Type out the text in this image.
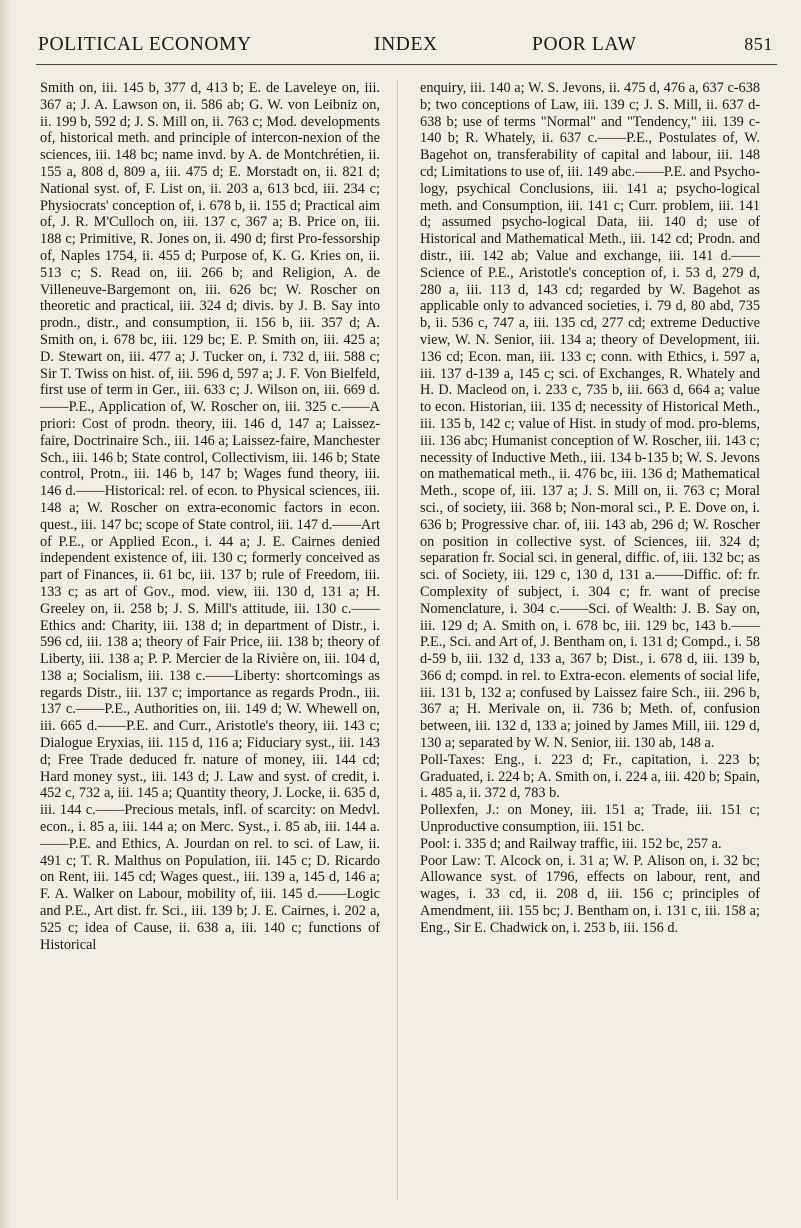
POLITICAL ECONOMY	INDEX	POOR LAW	851

Smith on, iii. 145 b, 377 d, 413 b; E. de Laveleye on, iii. 367 a; J. A. Lawson on, ii. 586 ab; G. W. von Leibniz on, ii. 199 b, 592 d; J. S. Mill on, ii. 763 c; Mod. developments of, historical meth. and principle of intercon-nexion of the sciences, iii. 148 bc; name invd. by A. de Montchrétien, ii. 155 a, 808 d, 809 a, iii. 475 d; E. Morstadt on, ii. 821 d; National syst. of, F. List on, ii. 203 a, 613 bcd, iii. 234 c; Physiocrats' conception of, i. 678 b, ii. 155 d; Practical aim of, J. R. M'Culloch on, iii. 137 c, 367 a; B. Price on, iii. 188 c; Primitive, R. Jones on, ii. 490 d; first Pro-fessorship of, Naples 1754, ii. 455 d; Purpose of, K. G. Kries on, ii. 513 c; S. Read on, iii. 266 b; and Religion, A. de Villeneuve-Bargemont on, iii. 626 bc; W. Roscher on theoretic and practical, iii. 324 d; divis. by J. B. Say into prodn., distr., and consumption, ii. 156 b, iii. 357 d; A. Smith on, i. 678 bc, iii. 129 bc; E. P. Smith on, iii. 425 a; D. Stewart on, iii. 477 a; J. Tucker on, i. 732 d, iii. 588 c; Sir T. Twiss on hist. of, iii. 596 d, 597 a; J. F. Von Bielfeld, first use of term in Ger., iii. 633 c; J. Wilson on, iii. 669 d.——P.E., Application of, W. Roscher on, iii. 325 c.——A priori: Cost of prodn. theory, iii. 146 d, 147 a; Laissez-faire, Doctrinaire Sch., iii. 146 a; Laissez-faire, Manchester Sch., iii. 146 b; State control, Collectivism, iii. 146 b; State control, Protn., iii. 146 b, 147 b; Wages fund theory, iii. 146 d.——Historical: rel. of econ. to Physical sciences, iii. 148 a; W. Roscher on extra-economic factors in econ. quest., iii. 147 bc; scope of State control, iii. 147 d.——Art of P.E., or Applied Econ., i. 44 a; J. E. Cairnes denied independent existence of, iii. 130 c; formerly conceived as part of Finances, ii. 61 bc, iii. 137 b; rule of Freedom, iii. 133 c; as art of Gov., mod. view, iii. 130 d, 131 a; H. Greeley on, ii. 258 b; J. S. Mill's attitude, iii. 130 c.——Ethics and: Charity, iii. 138 d; in department of Distr., i. 596 cd, iii. 138 a; theory of Fair Price, iii. 138 b; theory of Liberty, iii. 138 a; P. P. Mercier de la Rivière on, iii. 104 d, 138 a; Socialism, iii. 138 c.——Liberty: shortcomings as regards Distr., iii. 137 c; importance as regards Prodn., iii. 137 c.——P.E., Authorities on, iii. 149 d; W. Whewell on, iii. 665 d.——P.E. and Curr., Aristotle's theory, iii. 143 c; Dialogue Eryxias, iii. 115 d, 116 a; Fiduciary syst., iii. 143 d; Free Trade deduced fr. nature of money, iii. 144 cd; Hard money syst., iii. 143 d; J. Law and syst. of credit, i. 452 c, 732 a, iii. 145 a; Quantity theory, J. Locke, ii. 635 d, iii. 144 c.——Precious metals, infl. of scarcity: on Medvl. econ., i. 85 a, iii. 144 a; on Merc. Syst., i. 85 ab, iii. 144 a.——P.E. and Ethics, A. Jourdan on rel. to sci. of Law, ii. 491 c; T. R. Malthus on Population, iii. 145 c; D. Ricardo on Rent, iii. 145 cd; Wages quest., iii. 139 a, 145 d, 146 a; F. A. Walker on Labour, mobility of, iii. 145 d.——Logic and P.E., Art dist. fr. Sci., iii. 139 b; J. E. Cairnes, i. 202 a, 525 c; idea of Cause, ii. 638 a, iii. 140 c; functions of Historical

enquiry, iii. 140 a; W. S. Jevons, ii. 475 d, 476 a, 637 c-638 b; two conceptions of Law, iii. 139 c; J. S. Mill, ii. 637 d-638 b; use of terms "Normal" and "Tendency," iii. 139 c-140 b; R. Whately, ii. 637 c.——P.E., Postulates of, W. Bagehot on, transferability of capital and labour, iii. 148 cd; Limitations to use of, iii. 149 abc.——P.E. and Psycho-logy, psychical Conclusions, iii. 141 a; psycho-logical meth. and Consumption, iii. 141 c; Curr. problem, iii. 141 d; assumed psycho-logical Data, iii. 140 d; use of Historical and Mathematical Meth., iii. 142 cd; Prodn. and distr., iii. 142 ab; Value and exchange, iii. 141 d.——Science of P.E., Aristotle's conception of, i. 53 d, 279 d, 280 a, iii. 113 d, 143 cd; regarded by W. Bagehot as applicable only to advanced societies, i. 79 d, 80 abd, 735 b, ii. 536 c, 747 a, iii. 135 cd, 277 cd; extreme Deductive view, W. N. Senior, iii. 134 a; theory of Development, iii. 136 cd; Econ. man, iii. 133 c; conn. with Ethics, i. 597 a, iii. 137 d-139 a, 145 c; sci. of Exchanges, R. Whately and H. D. Macleod on, i. 233 c, 735 b, iii. 663 d, 664 a; value to econ. Historian, iii. 135 d; necessity of Historical Meth., iii. 135 b, 142 c; value of Hist. in study of mod. pro-blems, iii. 136 abc; Humanist conception of W. Roscher, iii. 143 c; necessity of Inductive Meth., iii. 134 b-135 b; W. S. Jevons on mathematical meth., ii. 476 bc, iii. 136 d; Mathematical Meth., scope of, iii. 137 a; J. S. Mill on, ii. 763 c; Moral sci., of society, iii. 368 b; Non-moral sci., P. E. Dove on, i. 636 b; Progressive char. of, iii. 143 ab, 296 d; W. Roscher on position in collective syst. of Sciences, iii. 324 d; separation fr. Social sci. in general, diffic. of, iii. 132 bc; as sci. of Society, iii. 129 c, 130 d, 131 a.——Diffic. of: fr. Complexity of subject, i. 304 c; fr. want of precise Nomenclature, i. 304 c.——Sci. of Wealth: J. B. Say on, iii. 129 d; A. Smith on, i. 678 bc, iii. 129 bc, 143 b.——P.E., Sci. and Art of, J. Bentham on, i. 131 d; Compd., i. 58 d-59 b, iii. 132 d, 133 a, 367 b; Dist., i. 678 d, iii. 139 b, 366 d; compd. in rel. to Extra-econ. elements of social life, iii. 131 b, 132 a; confused by Laissez faire Sch., iii. 296 b, 367 a; H. Merivale on, ii. 736 b; Meth. of, confusion between, iii. 132 d, 133 a; joined by James Mill, iii. 129 d, 130 a; separated by W. N. Senior, iii. 130 ab, 148 a.
Poll-Taxes: Eng., i. 223 d; Fr., capitation, i. 223 b; Graduated, i. 224 b; A. Smith on, i. 224 a, iii. 420 b; Spain, i. 485 a, ii. 372 d, 783 b.
Pollexfen, J.: on Money, iii. 151 a; Trade, iii. 151 c; Unproductive consumption, iii. 151 bc.
Pool: i. 335 d; and Railway traffic, iii. 152 bc, 257 a.
Poor Law: T. Alcock on, i. 31 a; W. P. Alison on, i. 32 bc; Allowance syst. of 1796, effects on labour, rent, and wages, i. 33 cd, ii. 208 d, iii. 156 c; principles of Amendment, iii. 155 bc; J. Bentham on, i. 131 c, iii. 158 a; Eng., Sir E. Chadwick on, i. 253 b, iii. 156 d.
